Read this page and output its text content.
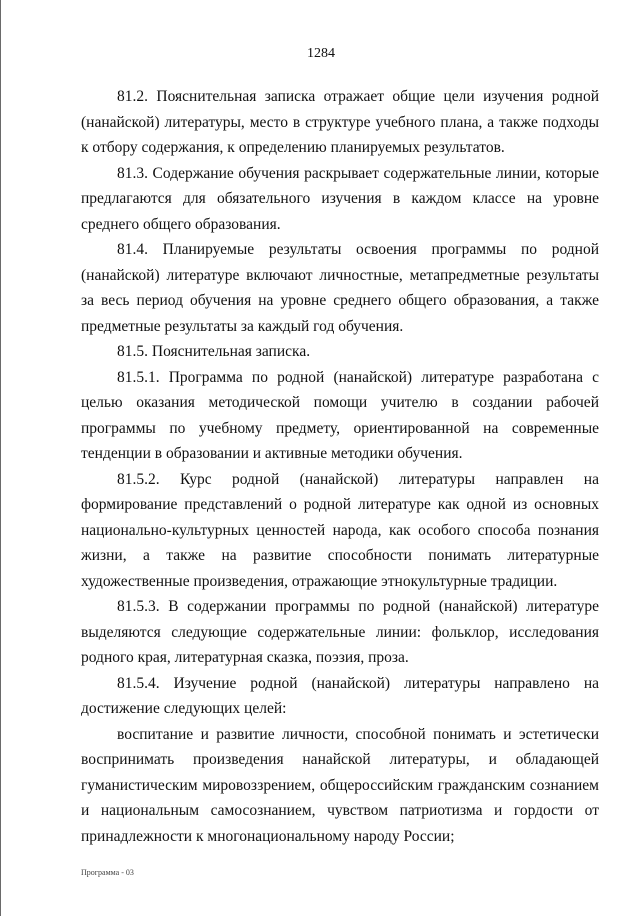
1284

81.2. Пояснительная записка отражает общие цели изучения родной (нанайской) литературы, место в структуре учебного плана, а также подходы к отбору содержания, к определению планируемых результатов.

81.3. Содержание обучения раскрывает содержательные линии, которые предлагаются для обязательного изучения в каждом классе на уровне среднего общего образования.

81.4. Планируемые результаты освоения программы по родной (нанайской) литературе включают личностные, метапредметные результаты за весь период обучения на уровне среднего общего образования, а также предметные результаты за каждый год обучения.

81.5. Пояснительная записка.

81.5.1. Программа по родной (нанайской) литературе разработана с целью оказания методической помощи учителю в создании рабочей программы по учебному предмету, ориентированной на современные тенденции в образовании и активные методики обучения.

81.5.2. Курс родной (нанайской) литературы направлен на формирование представлений о родной литературе как одной из основных национально-культурных ценностей народа, как особого способа познания жизни, а также на развитие способности понимать литературные художественные произведения, отражающие этнокультурные традиции.

81.5.3. В содержании программы по родной (нанайской) литературе выделяются следующие содержательные линии: фольклор, исследования родного края, литературная сказка, поэзия, проза.

81.5.4. Изучение родной (нанайской) литературы направлено на достижение следующих целей:

воспитание и развитие личности, способной понимать и эстетически воспринимать произведения нанайской литературы, и обладающей гуманистическим мировоззрением, общероссийским гражданским сознанием и национальным самосознанием, чувством патриотизма и гордости от принадлежности к многонациональному народу России;

Программа - 03
